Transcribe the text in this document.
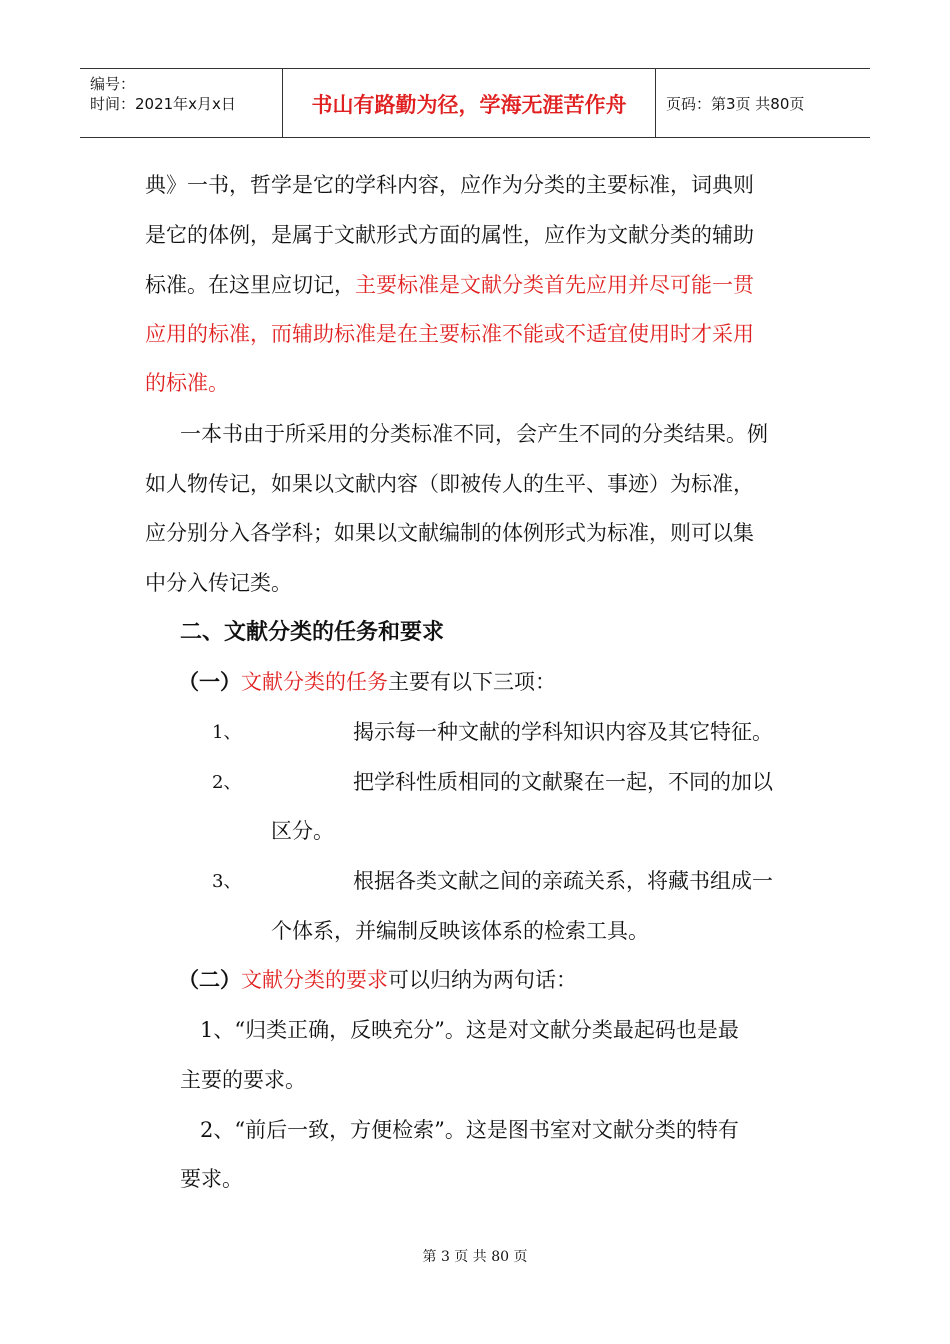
编号：
时间：2021年x月x日	书山有路勤为径，学海无涯苦作舟	页码：第3页 共80页
典》一书，哲学是它的学科内容，应作为分类的主要标准，词典则
是它的体例，是属于文献形式方面的属性，应作为文献分类的辅助
标准。在这里应切记，主要标准是文献分类首先应用并尽可能一贯
应用的标准，而辅助标准是在主要标准不能或不适宜使用时才采用
的标准。
一本书由于所采用的分类标准不同，会产生不同的分类结果。例
如人物传记，如果以文献内容（即被传人的生平、事迹）为标准，
应分别分入各学科；如果以文献编制的体例形式为标准，则可以集
中分入传记类。
二、文献分类的任务和要求
（一）文献分类的任务主要有以下三项：
1、	揭示每一种文献的学科知识内容及其它特征。
2、	把学科性质相同的文献聚在一起，不同的加以
区分。
3、	根据各类文献之间的亲疏关系，将藏书组成一
个体系，并编制反映该体系的检索工具。
（二）文献分类的要求可以归纳为两句话：
1、“归类正确，反映充分”。这是对文献分类最起码也是最
主要的要求。
2、“前后一致，方便检索”。这是图书室对文献分类的特有
要求。
第 3 页 共 80 页
